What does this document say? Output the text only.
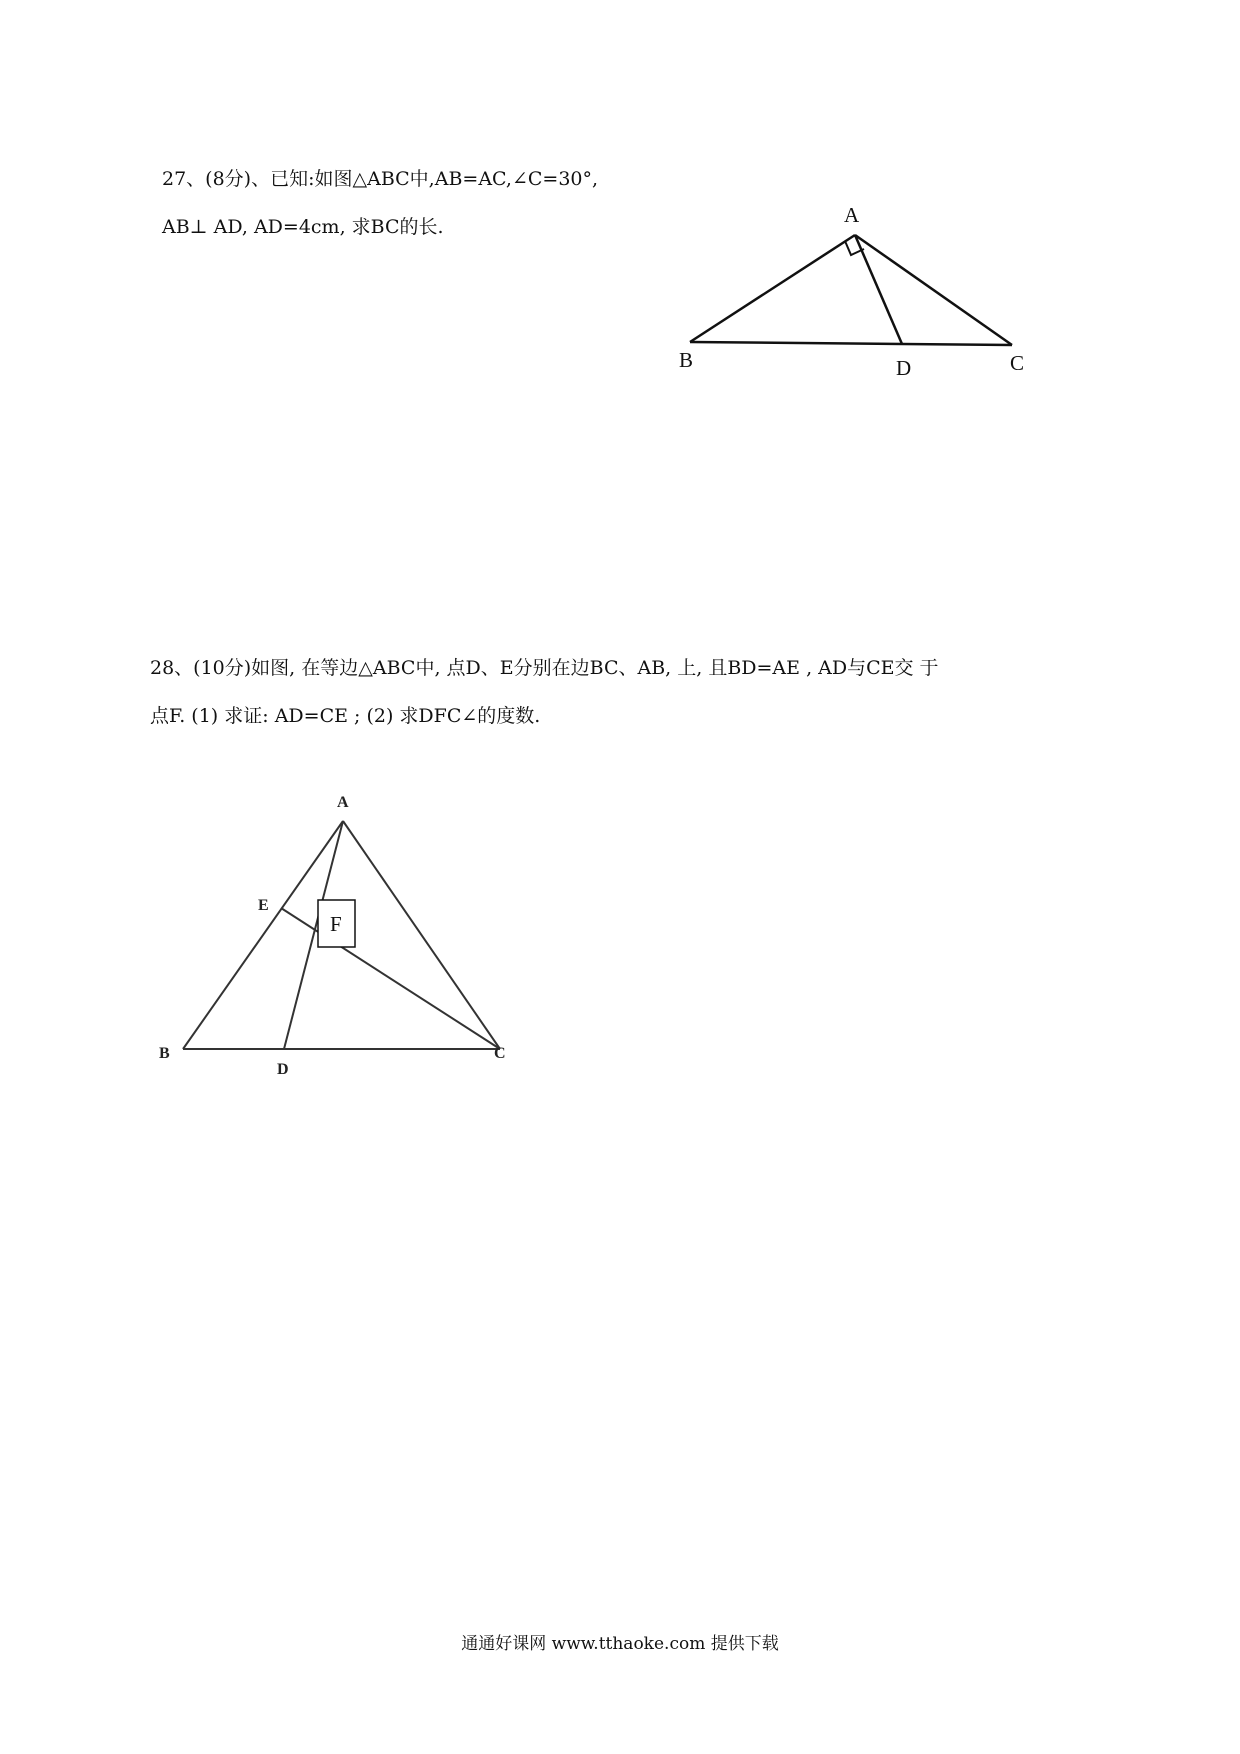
27、(8分)、已知:如图△ABC中,AB=AC,∠C=30°,
AB⊥ AD, AD=4cm, 求BC的长.	A
B	D	C
28、(10分)如图, 在等边△ABC中, 点D、E分别在边BC、AB, 上, 且BD=AE , AD与CE交 于
点F. (1) 求证: AD=CE ; (2) 求DFC∠的度数.
F
A
E
B
D
C
通通好课网 www.tthaoke.com 提供下载
